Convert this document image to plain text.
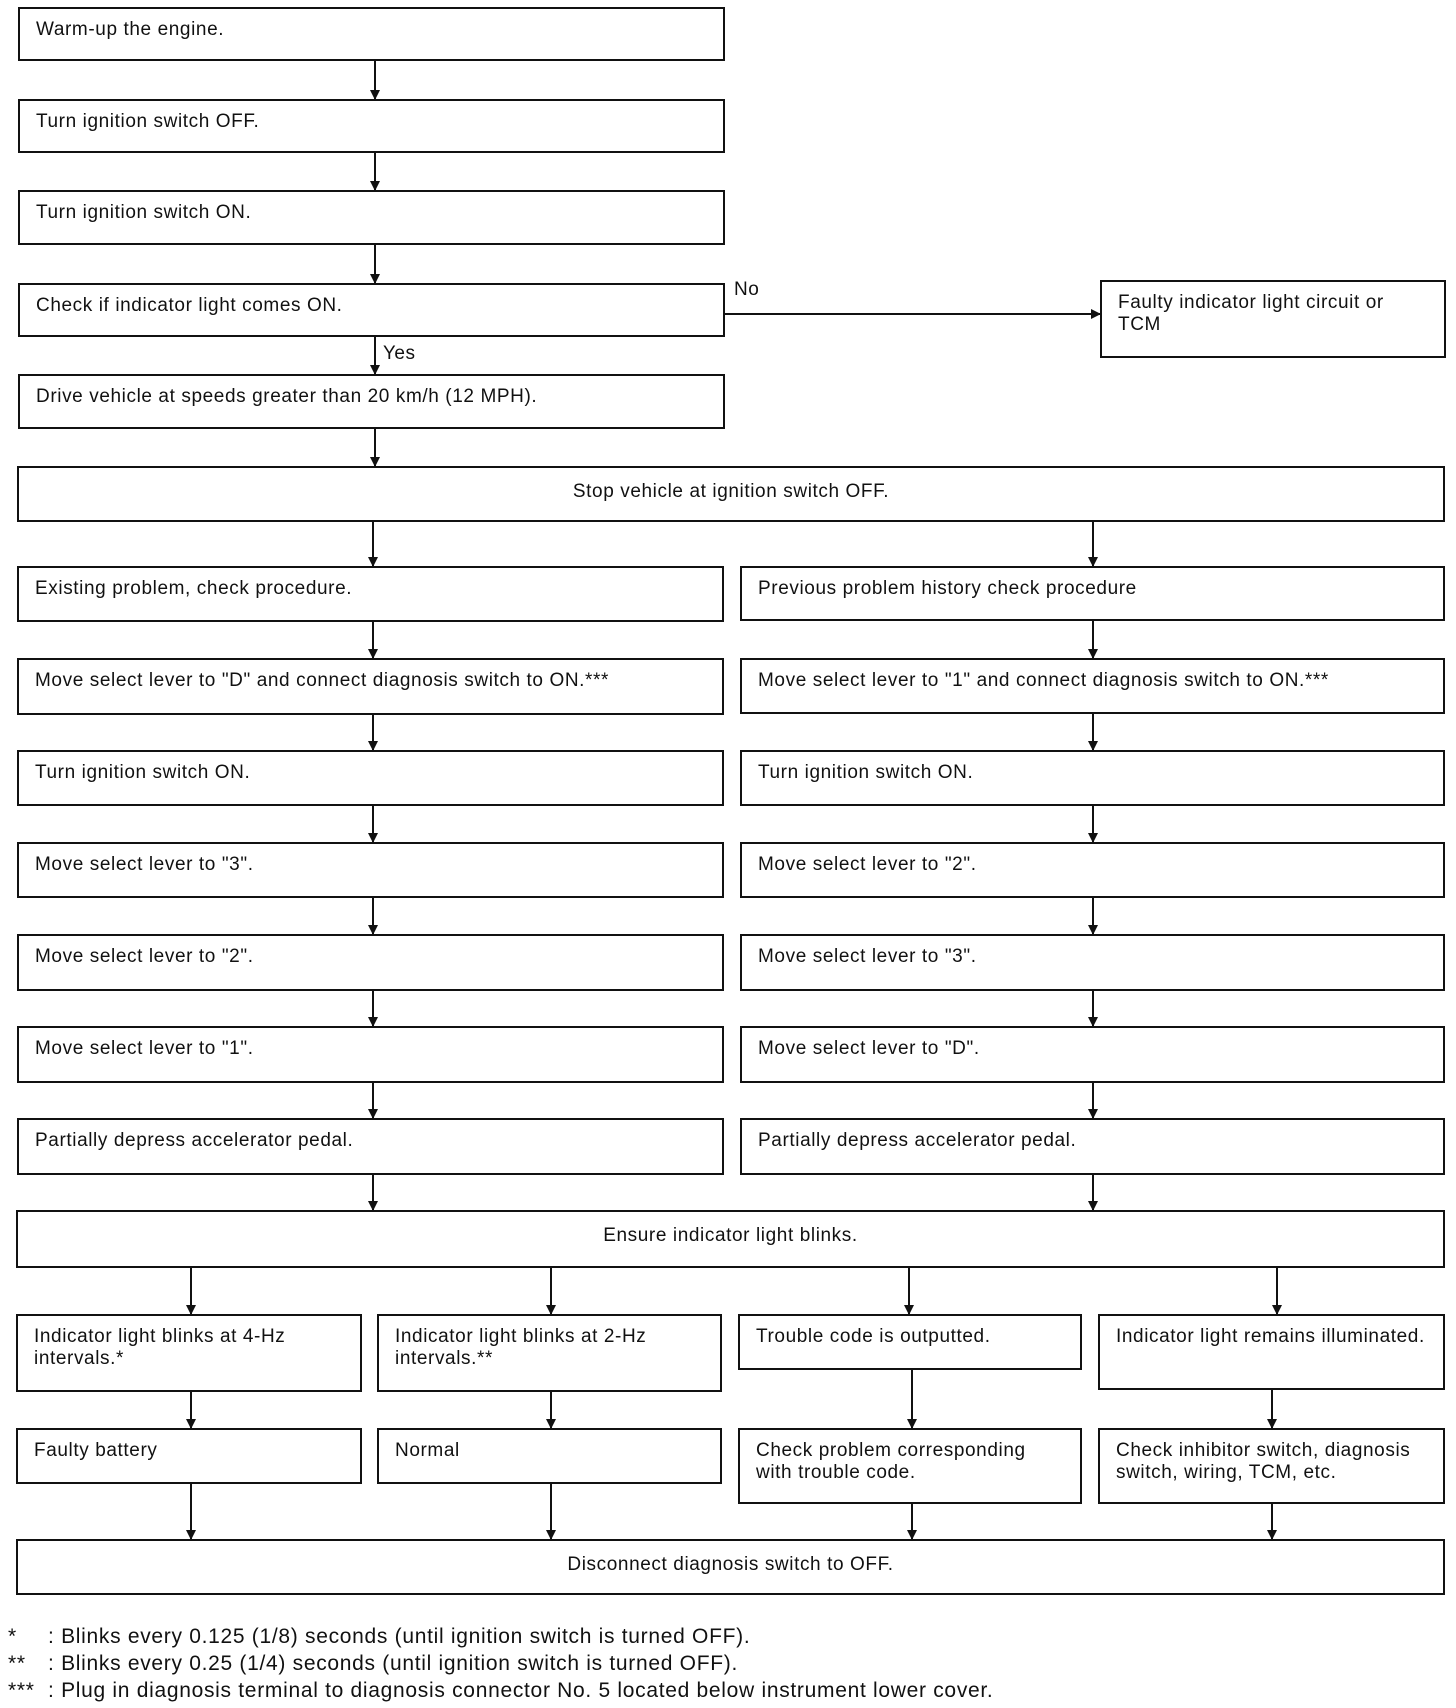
Warm-up the engine.
Turn ignition switch OFF.
Turn ignition switch ON.
Check if indicator light comes ON.
No
Faulty indicator light circuit or TCM
Yes
Drive vehicle at speeds greater than 20 km/h (12 MPH).
Stop vehicle at ignition switch OFF.
Existing problem, check procedure.
Move select lever to "D" and connect diagnosis switch to ON.***
Turn ignition switch ON.
Move select lever to "3".
Move select lever to "2".
Move select lever to "1".
Partially depress accelerator pedal.
Previous problem history check procedure
Move select lever to "1" and connect diagnosis switch to ON.***
Turn ignition switch ON.
Move select lever to "2".
Move select lever to "3".
Move select lever to "D".
Partially depress accelerator pedal.
Ensure indicator light blinks.
Indicator light blinks at 4-Hz intervals.*
Indicator light blinks at 2-Hz intervals.**
Trouble code is outputted.	Indicator light remains illuminated.
Faulty battery	Normal	Check problem corresponding with trouble code.
Check inhibitor switch, diagnosis switch, wiring, TCM, etc.
Disconnect diagnosis switch to OFF.
* : Blinks every 0.125 (1/8) seconds (until ignition switch is turned OFF).
** : Blinks every 0.25 (1/4) seconds (until ignition switch is turned OFF).
*** : Plug in diagnosis terminal to diagnosis connector No. 5 located below instrument lower cover.
